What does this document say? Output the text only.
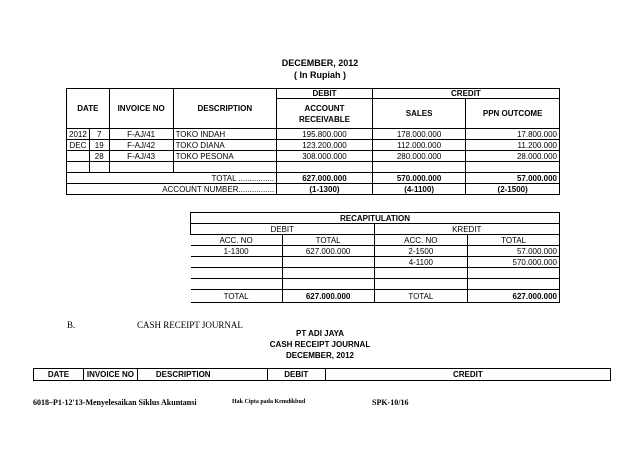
DECEMBER, 2012
( In Rupiah )
DATE		INVOICE NO	DESCRIPTION	DEBIT	CREDIT	
				ACCOUNT RECEIVABLE	SALES	PPN OUTCOME

2012	7	F-AJ/41	TOKO INDAH	195.800.000	178.000.000	17.800.000
DEC	19	F-AJ/42	TOKO DIANA	123.200.000	112.000.000	11.200.000
	28	F-AJ/43	TOKO PESONA	308.000.000	280.000.000	28.000.000

TOTAL ................				627.000.000	570.000.000	57.000.000
ACCOUNT NUMBER................				(1-1300)	(4-1100)	(2-1500)
RECAPITULATION			
DEBIT		KREDIT	
ACC. NO	TOTAL	ACC. NO	TOTAL
1-1300	627.000.000	2-1500	57.000.000
		4-1100	570.000.000

TOTAL	627.000.000	TOTAL	627.000.000
B.	CASH RECEIPT JOURNAL
PT ADI JAYA
CASH RECEIPT JOURNAL
DECEMBER, 2012
DATE	INVOICE NO	DESCRIPTION	DEBIT	CREDIT
6018–P1-12'13-Menyelesaikan Siklus Akuntansi	Hak Cipta pada Kemdikbud	SPK-10/16
